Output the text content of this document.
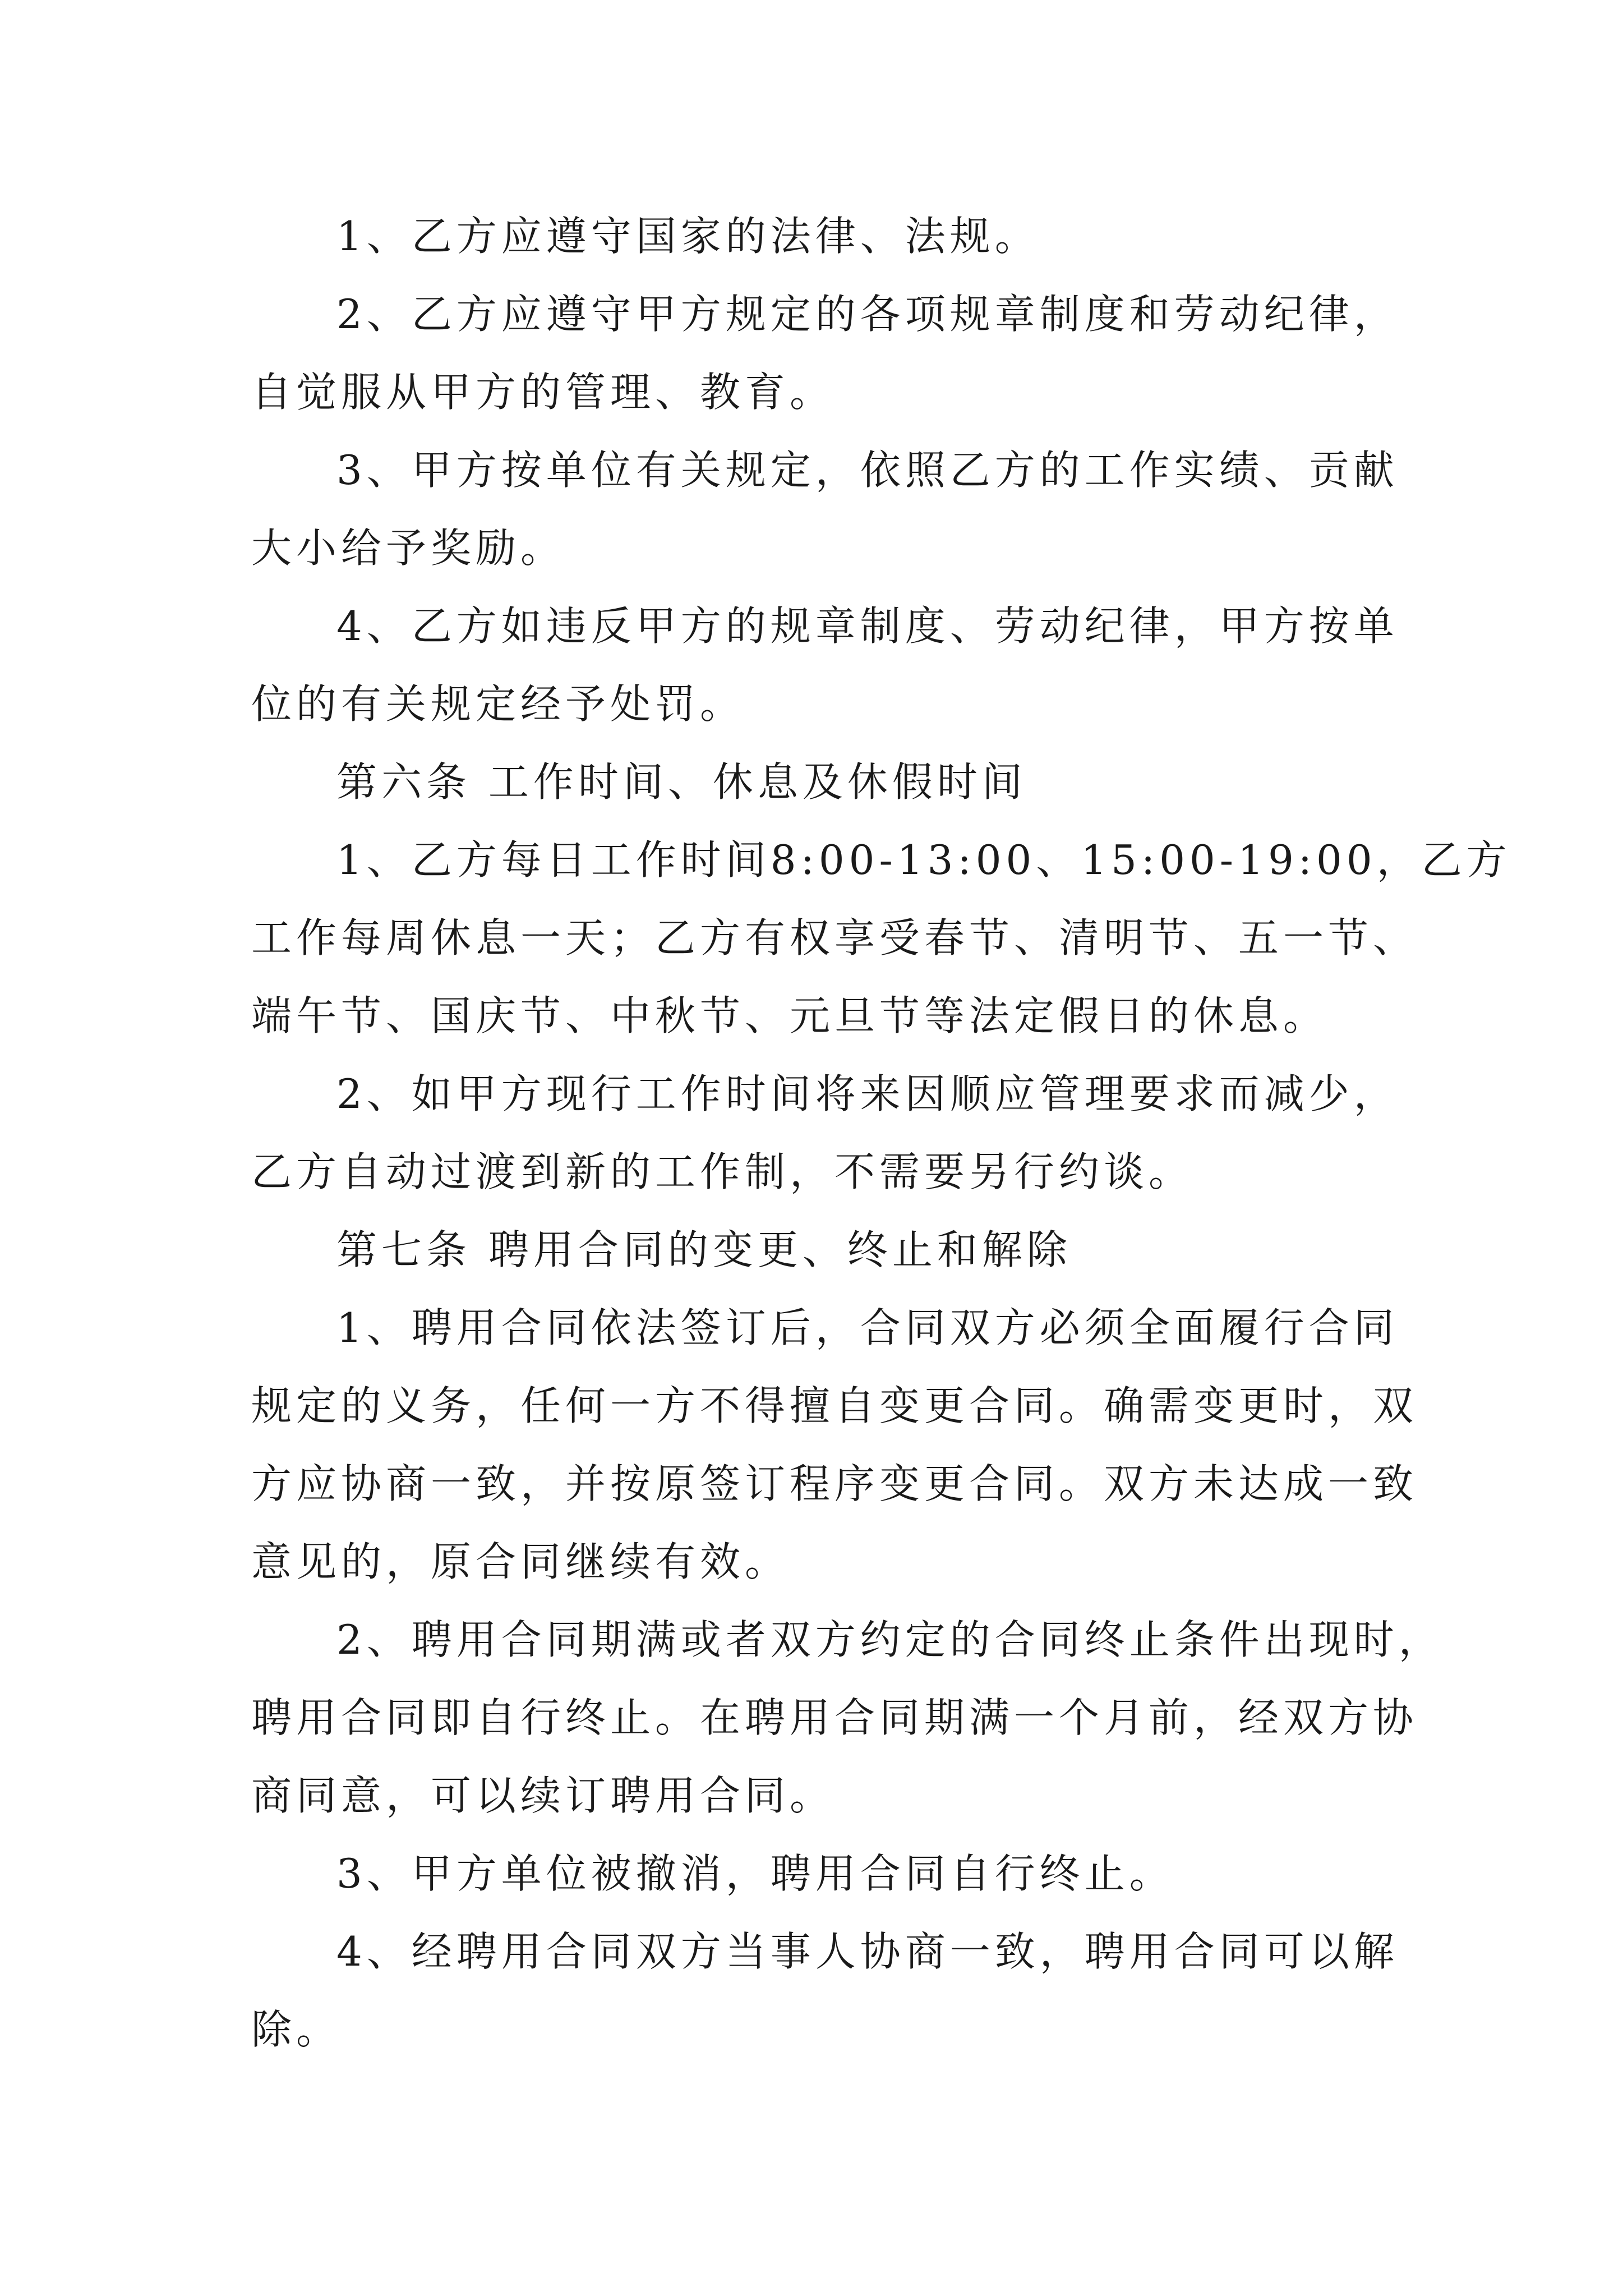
1、乙方应遵守国家的法律、法规。
2、乙方应遵守甲方规定的各项规章制度和劳动纪律，
自觉服从甲方的管理、教育。
3、甲方按单位有关规定，依照乙方的工作实绩、贡献
大小给予奖励。
4、乙方如违反甲方的规章制度、劳动纪律，甲方按单
位的有关规定经予处罚。
第六条 工作时间、休息及休假时间
1、乙方每日工作时间8:00-13:00、15:00-19:00，乙方
工作每周休息一天；乙方有权享受春节、清明节、五一节、
端午节、国庆节、中秋节、元旦节等法定假日的休息。
2、如甲方现行工作时间将来因顺应管理要求而减少，
乙方自动过渡到新的工作制，不需要另行约谈。
第七条 聘用合同的变更、终止和解除
1、聘用合同依法签订后，合同双方必须全面履行合同
规定的义务，任何一方不得擅自变更合同。确需变更时，双
方应协商一致，并按原签订程序变更合同。双方未达成一致
意见的，原合同继续有效。
2、聘用合同期满或者双方约定的合同终止条件出现时，
聘用合同即自行终止。在聘用合同期满一个月前，经双方协
商同意，可以续订聘用合同。
3、甲方单位被撤消，聘用合同自行终止。
4、经聘用合同双方当事人协商一致，聘用合同可以解
除。
